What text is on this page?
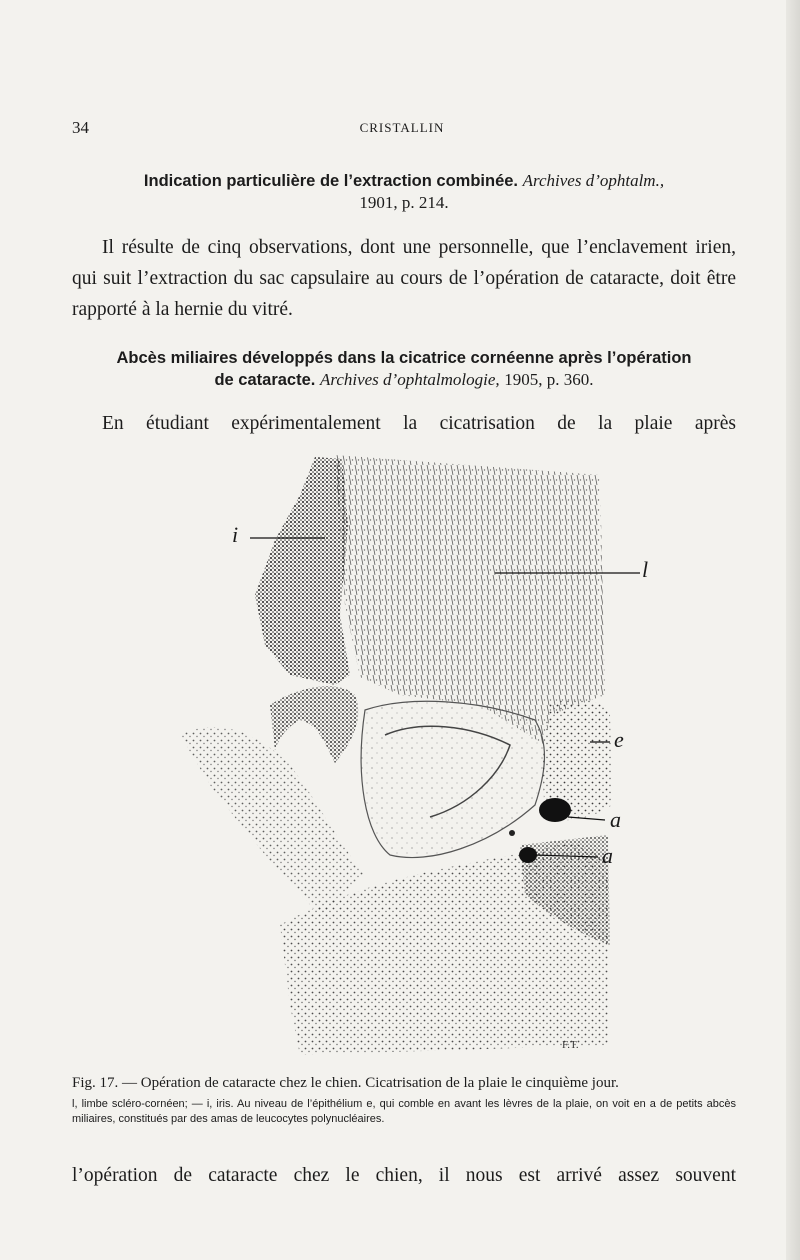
34	CRISTALLIN
Indication particulière de l’extraction combinée. Archives d’ophtalm.,
1901, p. 214.
Il résulte de cinq observations, dont une personnelle, que l’enclavement irien, qui suit l’extraction du sac capsulaire au cours de l’opération de cataracte, doit être rapporté à la hernie du vitré.
Abcès miliaires développés dans la cicatrice cornéenne après l’opération
de cataracte. Archives d’ophtalmologie, 1905, p. 360.
En étudiant expérimentalement la cicatrisation de la plaie après
i
l
e
a
a
F.T.
Fig. 17. — Opération de cataracte chez le chien. Cicatrisation de la plaie le cinquième jour.
l, limbe scléro-cornéen; — i, iris. Au niveau de l’épithélium e, qui comble en avant les lèvres de la plaie, on voit en a de petits abcès miliaires, constitués par des amas de leucocytes polynucléaires.
l’opération de cataracte chez le chien, il nous est arrivé assez souvent
